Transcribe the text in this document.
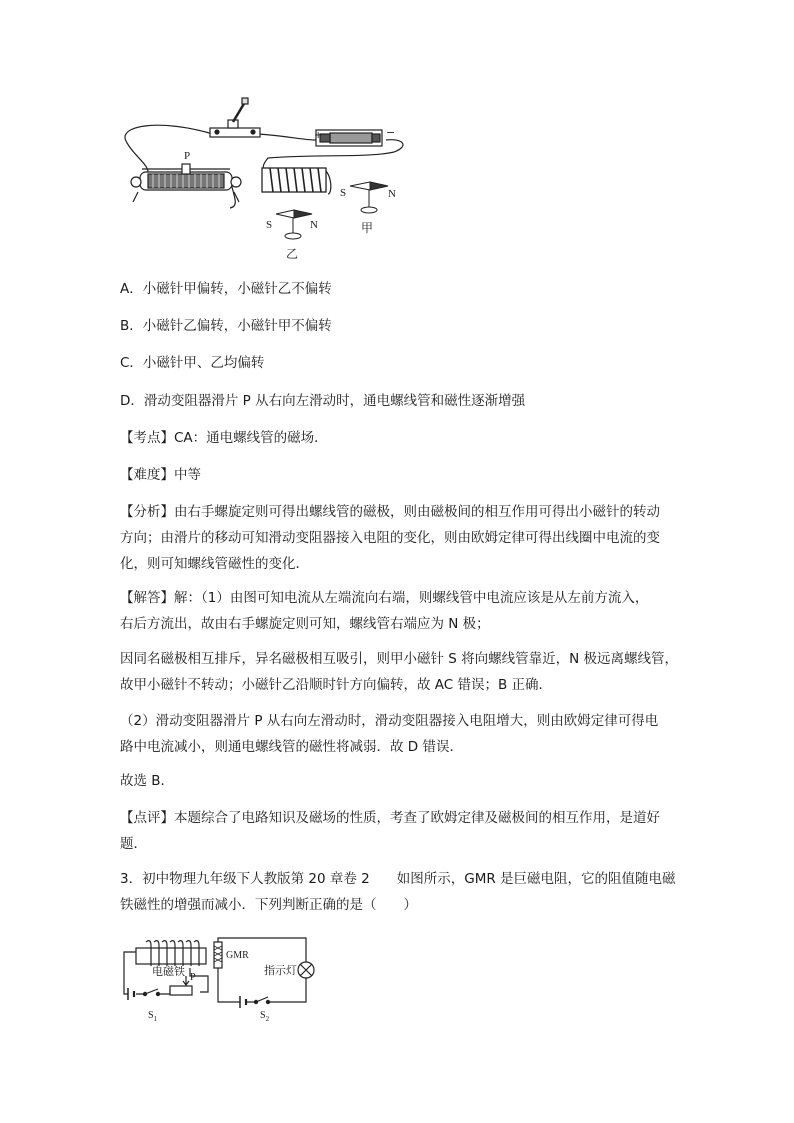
+	−
P
S	N
甲
S	N
乙

A．小磁针甲偏转，小磁针乙不偏转

B．小磁针乙偏转，小磁针甲不偏转

C．小磁针甲、乙均偏转

D．滑动变阻器滑片 P 从右向左滑动时，通电螺线管和磁性逐渐增强

【考点】CA：通电螺线管的磁场．

【难度】中等

【分析】由右手螺旋定则可得出螺线管的磁极，则由磁极间的相互作用可得出小磁针的转动
方向；由滑片的移动可知滑动变阻器接入电阻的变化，则由欧姆定律可得出线圈中电流的变
化，则可知螺线管磁性的变化．

【解答】解：（1）由图可知电流从左端流向右端，则螺线管中电流应该是从左前方流入，
右后方流出，故由右手螺旋定则可知，螺线管右端应为 N 极；

因同名磁极相互排斥，异名磁极相互吸引，则甲小磁针 S 将向螺线管靠近，N 极远离螺线管，
故甲小磁针不转动；小磁针乙沿顺时针方向偏转，故 AC 错误；B 正确．

（2）滑动变阻器滑片 P 从右向左滑动时，滑动变阻器接入电阻增大，则由欧姆定律可得电
路中电流减小，则通电螺线管的磁性将减弱．故 D 错误．

故选 B．

【点评】本题综合了电路知识及磁场的性质，考查了欧姆定律及磁极间的相互作用，是道好
题．

3．初中物理九年级下人教版第 20 章卷 2　　如图所示，GMR 是巨磁电阻，它的阻值随电磁
铁磁性的增强而减小．下列判断正确的是（　　）

GMR
电磁铁 P
指示灯
$S_1$	$S_2$
